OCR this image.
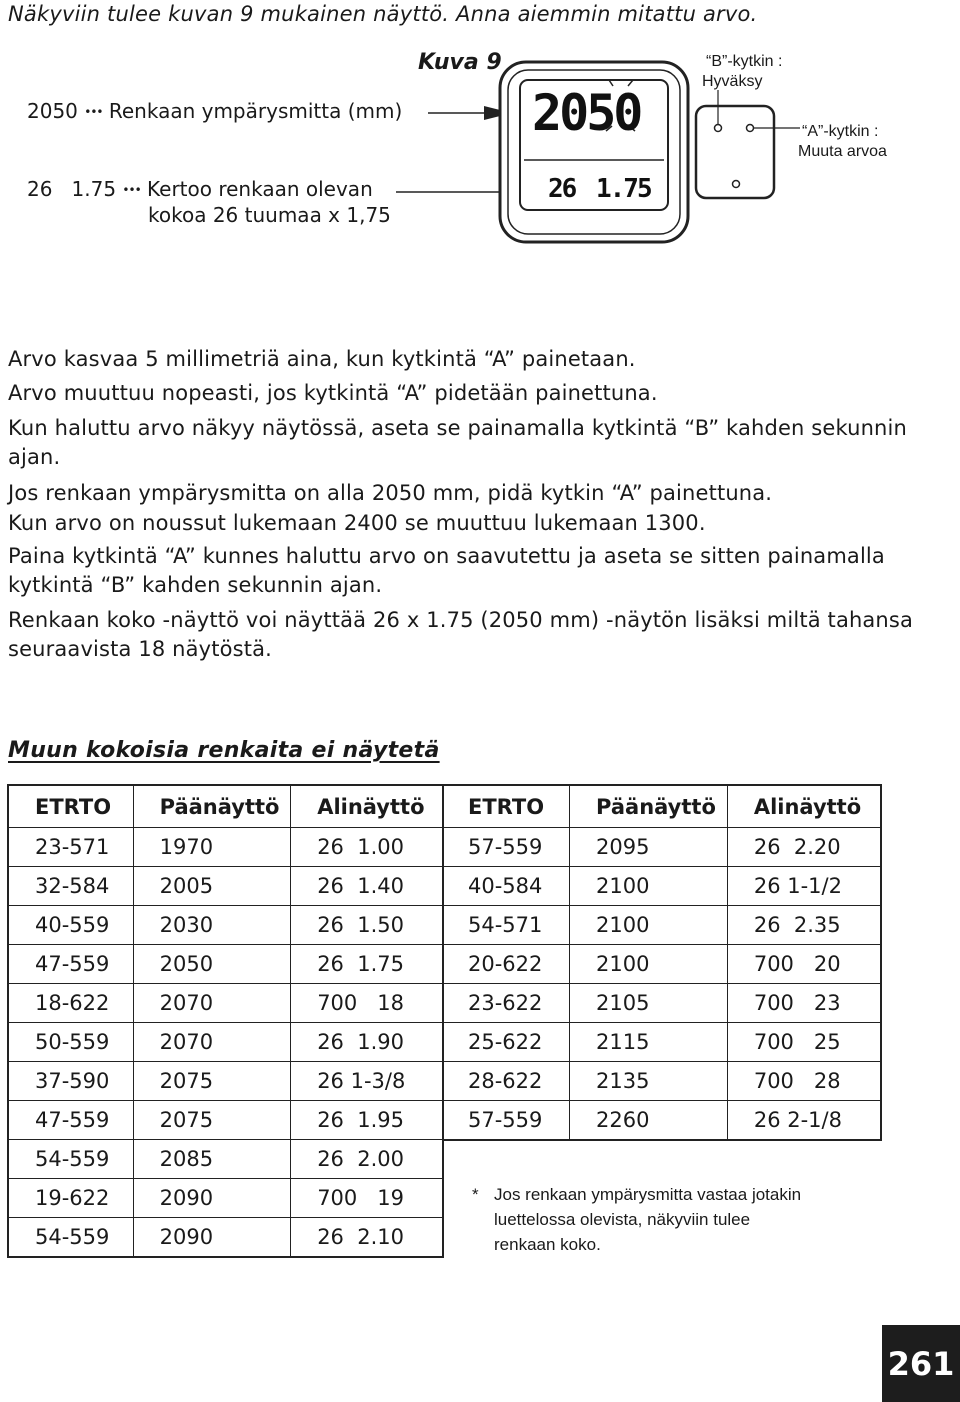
Näkyviin tulee kuvan 9 mukainen näyttö. Anna aiemmin mitattu arvo.
Kuva 9
2050 ••• Renkaan ympärysmitta (mm)
26   1.75 ••• Kertoo renkaan olevan
kokoa 26 tuumaa x 1,75
2050
26 1.75
“B”-kytkin :
Hyväksy
“A”-kytkin :
Muuta arvoa
Arvo kasvaa 5 millimetriä aina, kun kytkintä “A” painetaan.
Arvo muuttuu nopeasti, jos kytkintä “A” pidetään painettuna.
Kun haluttu arvo näkyy näytössä, aseta se painamalla kytkintä “B” kahden sekunnin ajan.
Jos renkaan ympärysmitta on alla 2050 mm, pidä kytkin “A” painettuna.
Kun arvo on noussut lukemaan 2400 se muuttuu lukemaan 1300.
Paina kytkintä “A” kunnes haluttu arvo on saavutettu ja aseta se sitten painamalla kytkintä “B” kahden sekunnin ajan.
Renkaan koko -näyttö voi näyttää 26 x 1.75 (2050 mm) -näytön lisäksi miltä tahansa seuraavista 18 näytöstä.
Muun kokoisia renkaita ei näytetä
ETRTO	Päänäyttö	Alinäyttö
23-571	1970	26  1.00
32-584	2005	26  1.40
40-559	2030	26  1.50
47-559	2050	26  1.75
18-622	2070	700   18
50-559	2070	26  1.90
37-590	2075	26 1-3/8
47-559	2075	26  1.95
54-559	2085	26  2.00
19-622	2090	700   19
54-559	2090	26  2.10
ETRTO	Päänäyttö	Alinäyttö
57-559	2095	26  2.20
40-584	2100	26 1-1/2
54-571	2100	26  2.35
20-622	2100	700   20
23-622	2105	700   23
25-622	2115	700   25
28-622	2135	700   28
57-559	2260	26 2-1/8
* Jos renkaan ympärysmitta vastaa jotakin
luettelossa olevista, näkyviin tulee
renkaan koko.
261
